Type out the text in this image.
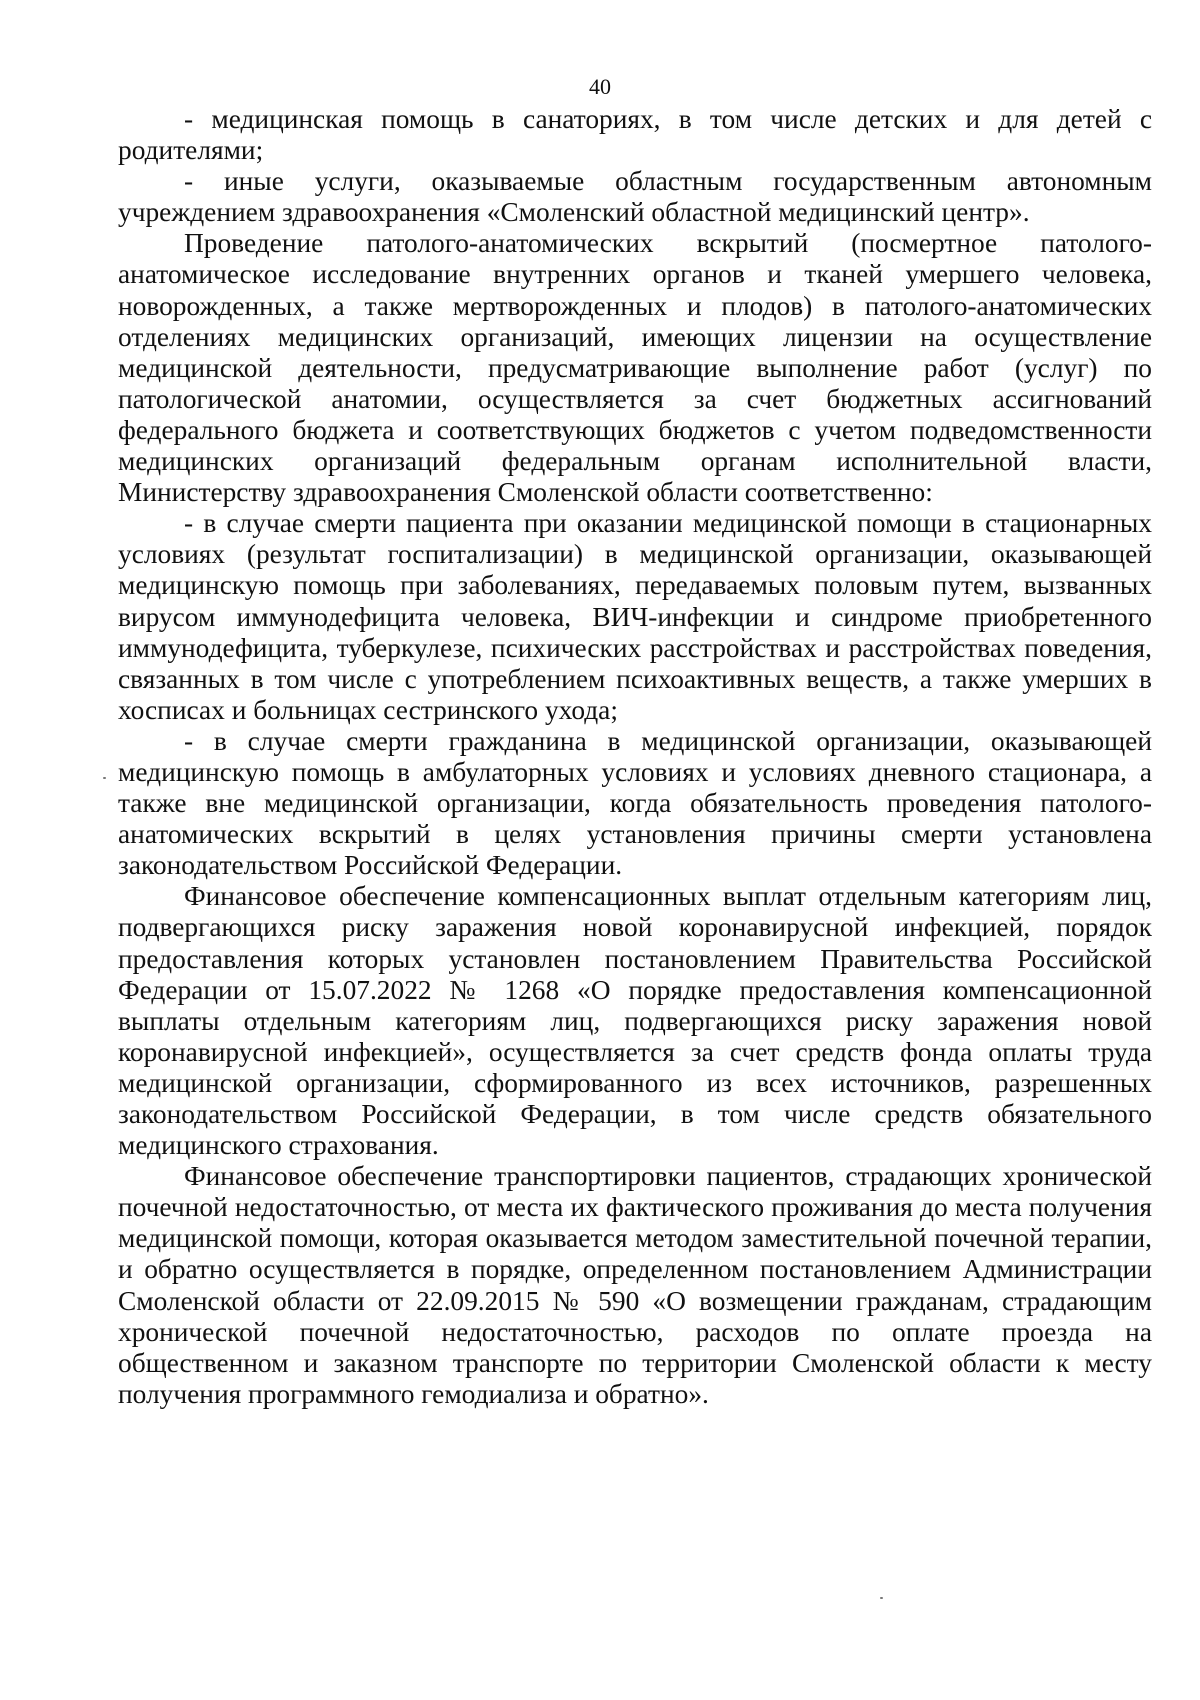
40

- медицинская помощь в санаториях, в том числе детских и для детей с родителями;

- иные услуги, оказываемые областным государственным автономным учреждением здравоохранения «Смоленский областной медицинский центр».

Проведение патолого-анатомических вскрытий (посмертное патолого-анатомическое исследование внутренних органов и тканей умершего человека, новорожденных, а также мертворожденных и плодов) в патолого-анатомических отделениях медицинских организаций, имеющих лицензии на осуществление медицинской деятельности, предусматривающие выполнение работ (услуг) по патологической анатомии, осуществляется за счет бюджетных ассигнований федерального бюджета и соответствующих бюджетов с учетом подведомственности медицинских организаций федеральным органам исполнительной власти, Министерству здравоохранения Смоленской области соответственно:

- в случае смерти пациента при оказании медицинской помощи в стационарных условиях (результат госпитализации) в медицинской организации, оказывающей медицинскую помощь при заболеваниях, передаваемых половым путем, вызванных вирусом иммунодефицита человека, ВИЧ-инфекции и синдроме приобретенного иммунодефицита, туберкулезе, психических расстройствах и расстройствах поведения, связанных в том числе с употреблением психоактивных веществ, а также умерших в хосписах и больницах сестринского ухода;

- в случае смерти гражданина в медицинской организации, оказывающей медицинскую помощь в амбулаторных условиях и условиях дневного стационара, а также вне медицинской организации, когда обязательность проведения патолого-анатомических вскрытий в целях установления причины смерти установлена законодательством Российской Федерации.

Финансовое обеспечение компенсационных выплат отдельным категориям лиц, подвергающихся риску заражения новой коронавирусной инфекцией, порядок предоставления которых установлен постановлением Правительства Российской Федерации от 15.07.2022 № 1268 «О порядке предоставления компенсационной выплаты отдельным категориям лиц, подвергающихся риску заражения новой коронавирусной инфекцией», осуществляется за счет средств фонда оплаты труда медицинской организации, сформированного из всех источников, разрешенных законодательством Российской Федерации, в том числе средств обязательного медицинского страхования.

Финансовое обеспечение транспортировки пациентов, страдающих хронической почечной недостаточностью, от места их фактического проживания до места получения медицинской помощи, которая оказывается методом заместительной почечной терапии, и обратно осуществляется в порядке, определенном постановлением Администрации Смоленской области от 22.09.2015 № 590 «О возмещении гражданам, страдающим хронической почечной недостаточностью, расходов по оплате проезда на общественном и заказном транспорте по территории Смоленской области к месту получения программного гемодиализа и обратно».
